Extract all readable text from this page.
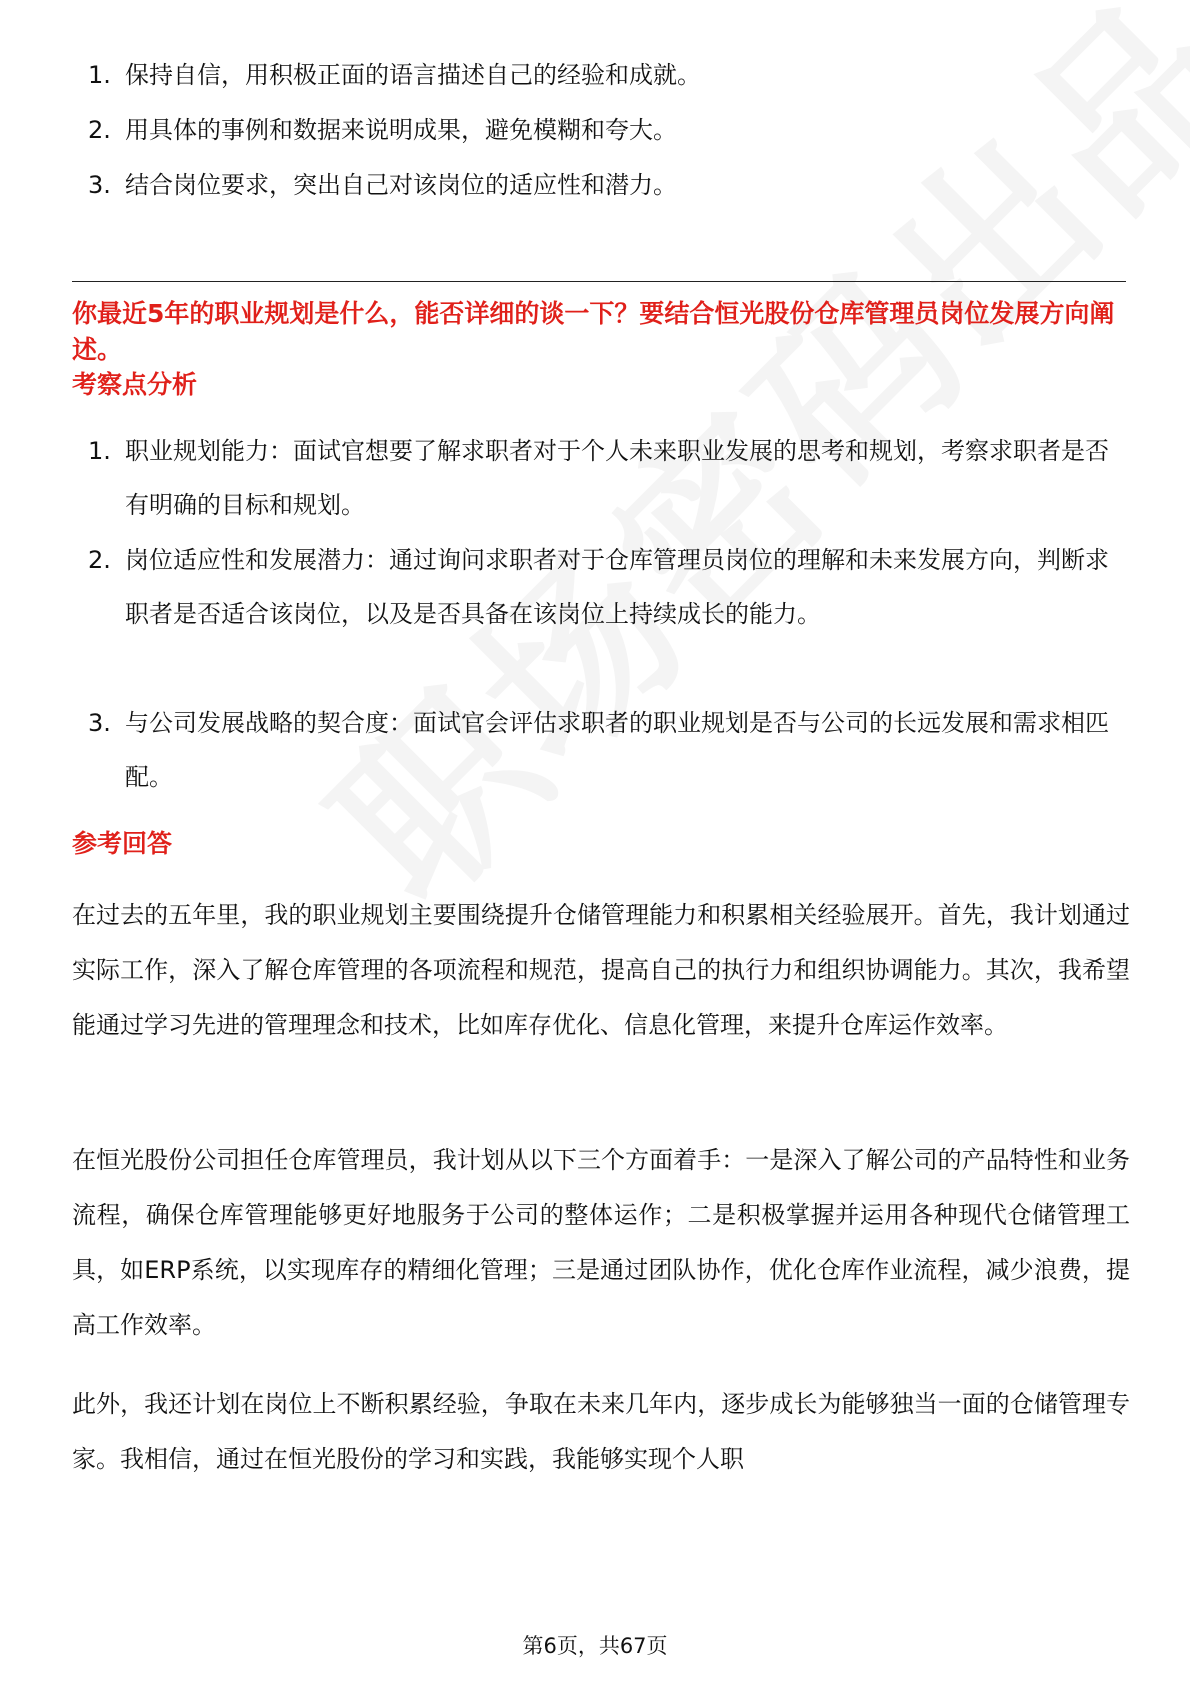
1. 保持自信，用积极正面的语言描述自己的经验和成就。
2. 用具体的事例和数据来说明成果，避免模糊和夸大。
3. 结合岗位要求，突出自己对该岗位的适应性和潜力。
你最近5年的职业规划是什么，能否详细的谈一下？要结合恒光股份仓库管理员岗位发展方向阐述。
考察点分析
1. 职业规划能力：面试官想要了解求职者对于个人未来职业发展的思考和规划，考察求职者是否有明确的目标和规划。
2. 岗位适应性和发展潜力：通过询问求职者对于仓库管理员岗位的理解和未来发展方向，判断求职者是否适合该岗位，以及是否具备在该岗位上持续成长的能力。
3. 与公司发展战略的契合度：面试官会评估求职者的职业规划是否与公司的长远发展和需求相匹配。
参考回答
在过去的五年里，我的职业规划主要围绕提升仓储管理能力和积累相关经验展开。首先，我计划通过实际工作，深入了解仓库管理的各项流程和规范，提高自己的执行力和组织协调能力。其次，我希望能通过学习先进的管理理念和技术，比如库存优化、信息化管理，来提升仓库运作效率。
在恒光股份公司担任仓库管理员，我计划从以下三个方面着手：一是深入了解公司的产品特性和业务流程，确保仓库管理能够更好地服务于公司的整体运作；二是积极掌握并运用各种现代仓储管理工具，如ERP系统，以实现库存的精细化管理；三是通过团队协作，优化仓库作业流程，减少浪费，提高工作效率。
此外，我还计划在岗位上不断积累经验，争取在未来几年内，逐步成长为能够独当一面的仓储管理专家。我相信，通过在恒光股份的学习和实践，我能够实现个人职
第6页，共67页
